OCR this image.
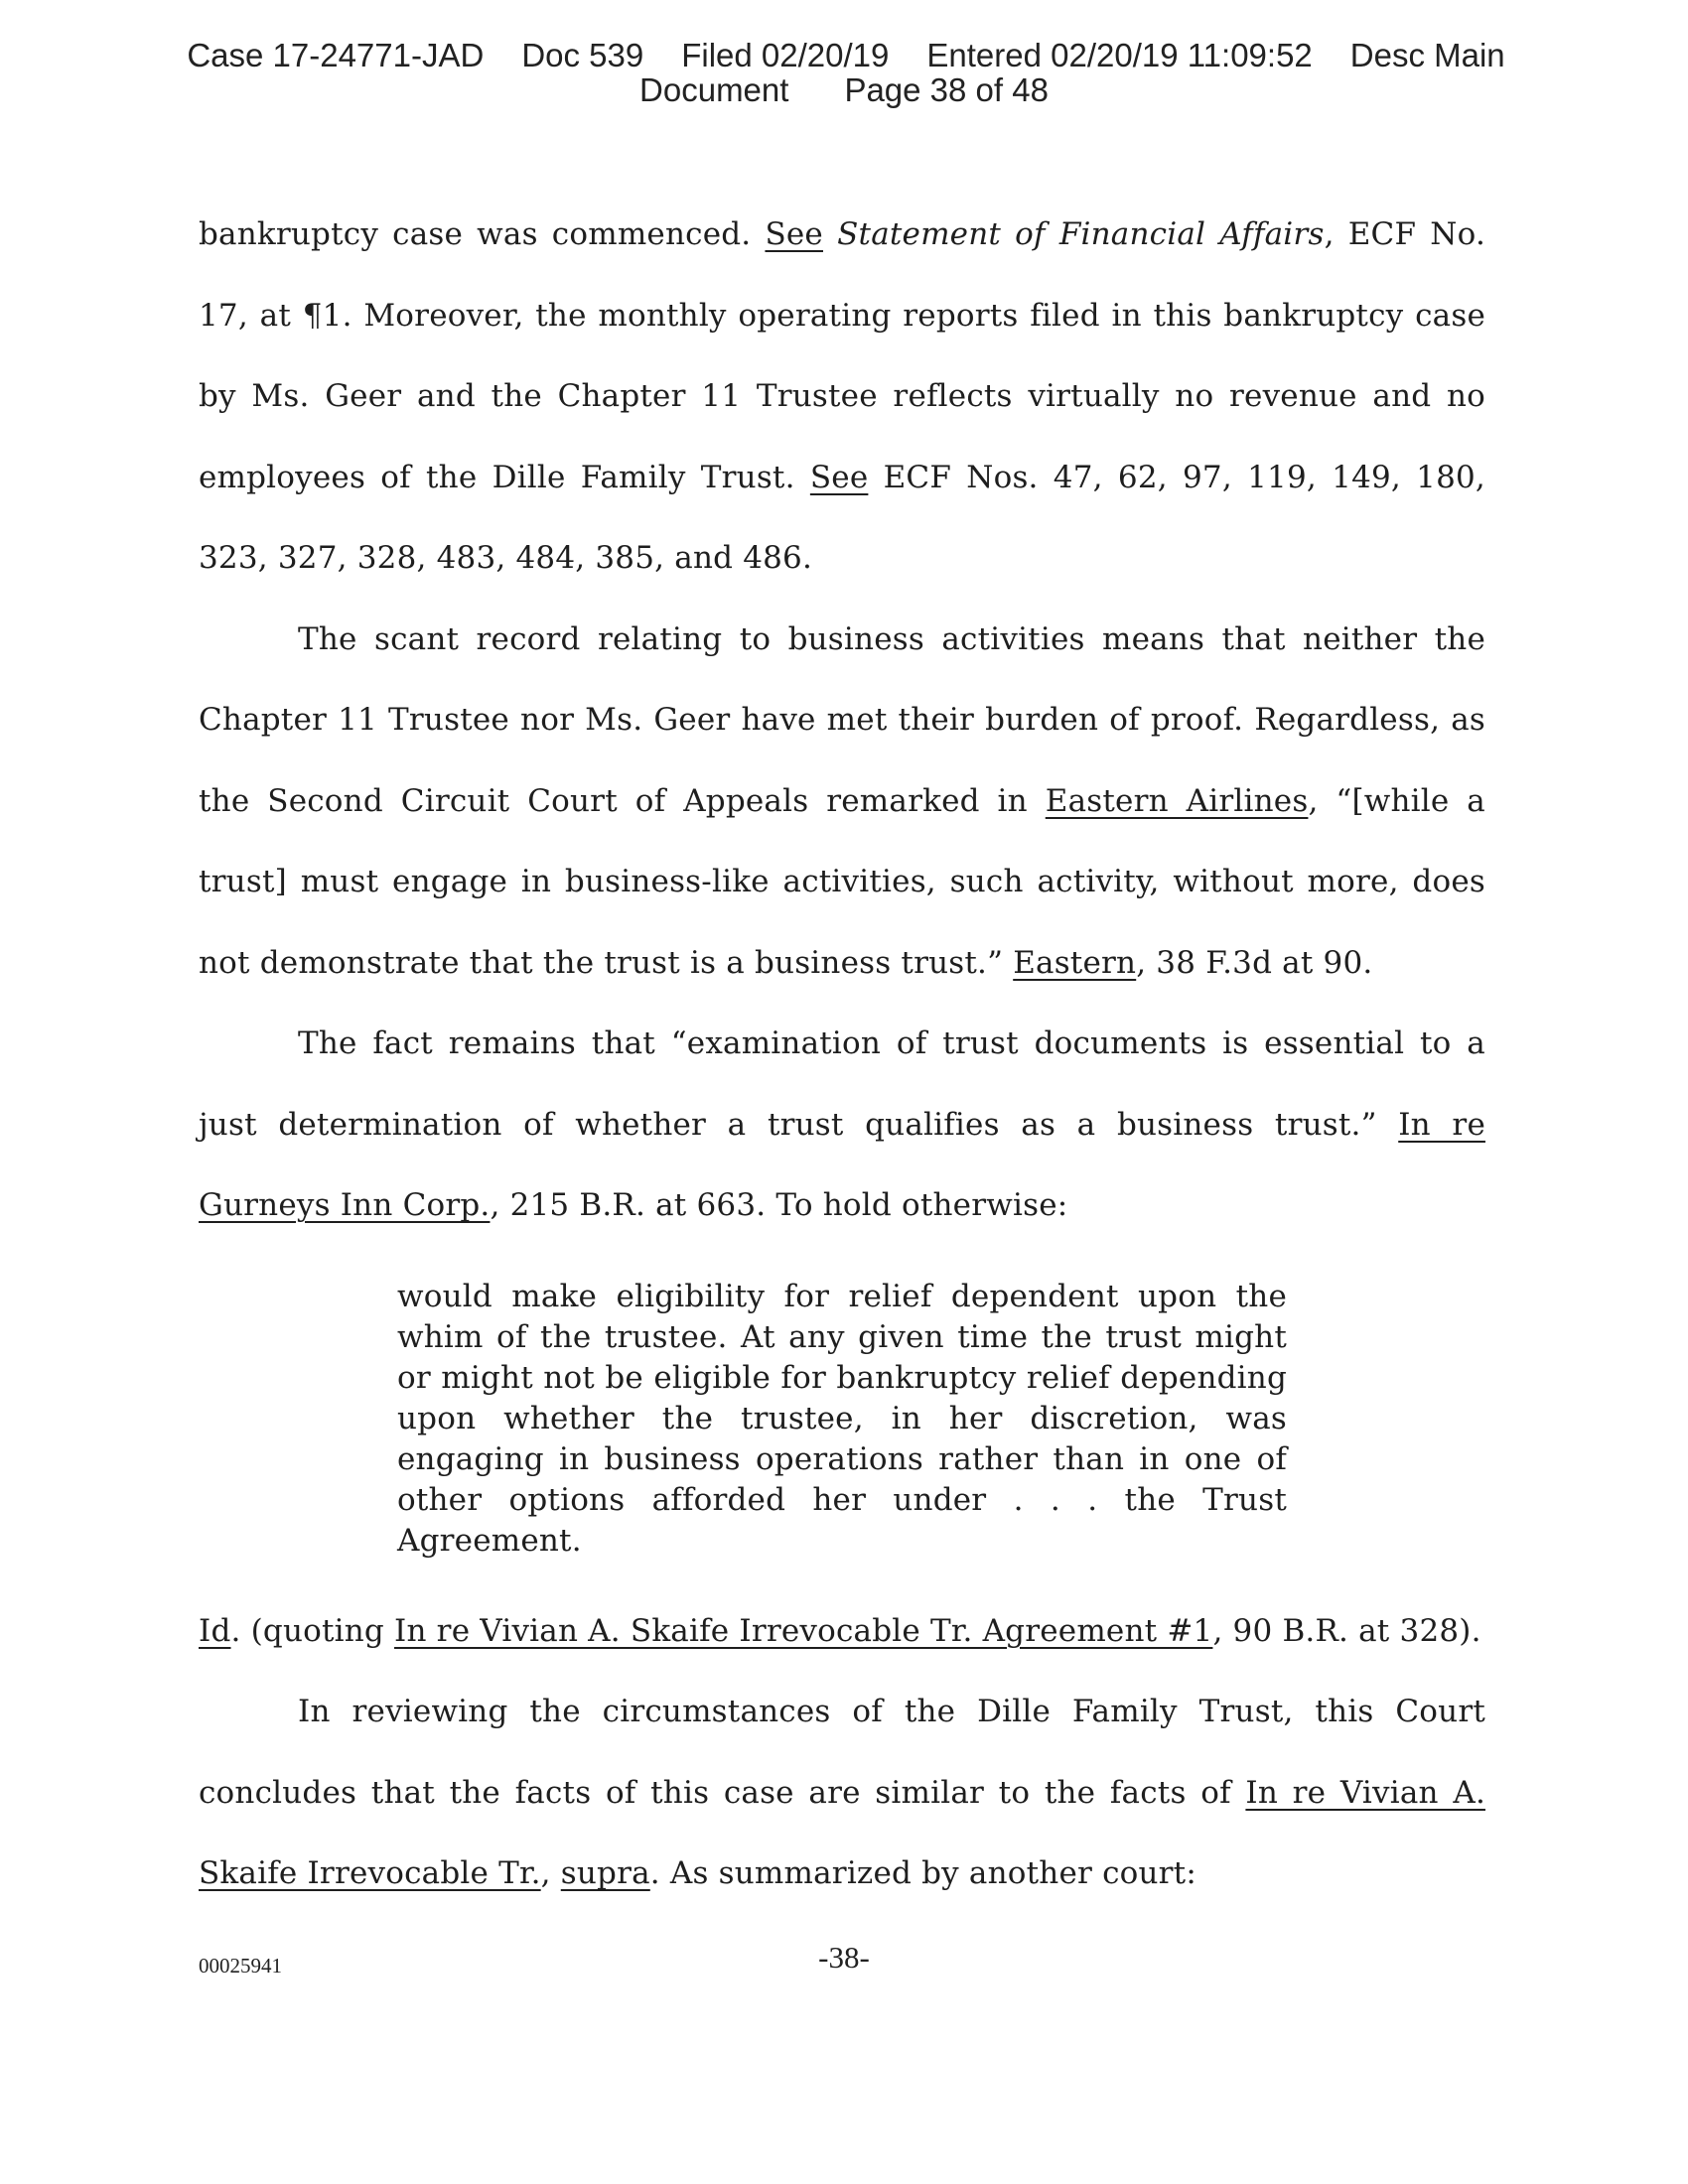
Case 17-24771-JAD Doc 539 Filed 02/20/19 Entered 02/20/19 11:09:52 Desc Main
Document Page 38 of 48

bankruptcy case was commenced. See Statement of Financial Affairs, ECF No. 17, at ¶1. Moreover, the monthly operating reports filed in this bankruptcy case by Ms. Geer and the Chapter 11 Trustee reflects virtually no revenue and no employees of the Dille Family Trust. See ECF Nos. 47, 62, 97, 119, 149, 180, 323, 327, 328, 483, 484, 385, and 486.

The scant record relating to business activities means that neither the Chapter 11 Trustee nor Ms. Geer have met their burden of proof. Regardless, as the Second Circuit Court of Appeals remarked in Eastern Airlines, “[while a trust] must engage in business-like activities, such activity, without more, does not demonstrate that the trust is a business trust.” Eastern, 38 F.3d at 90.

The fact remains that “examination of trust documents is essential to a just determination of whether a trust qualifies as a business trust.” In re Gurneys Inn Corp., 215 B.R. at 663. To hold otherwise:

would make eligibility for relief dependent upon the whim of the trustee. At any given time the trust might or might not be eligible for bankruptcy relief depending upon whether the trustee, in her discretion, was engaging in business operations rather than in one of other options afforded her under . . . the Trust Agreement.

Id. (quoting In re Vivian A. Skaife Irrevocable Tr. Agreement #1, 90 B.R. at 328).

In reviewing the circumstances of the Dille Family Trust, this Court concludes that the facts of this case are similar to the facts of In re Vivian A. Skaife Irrevocable Tr., supra. As summarized by another court:

00025941	-38-
